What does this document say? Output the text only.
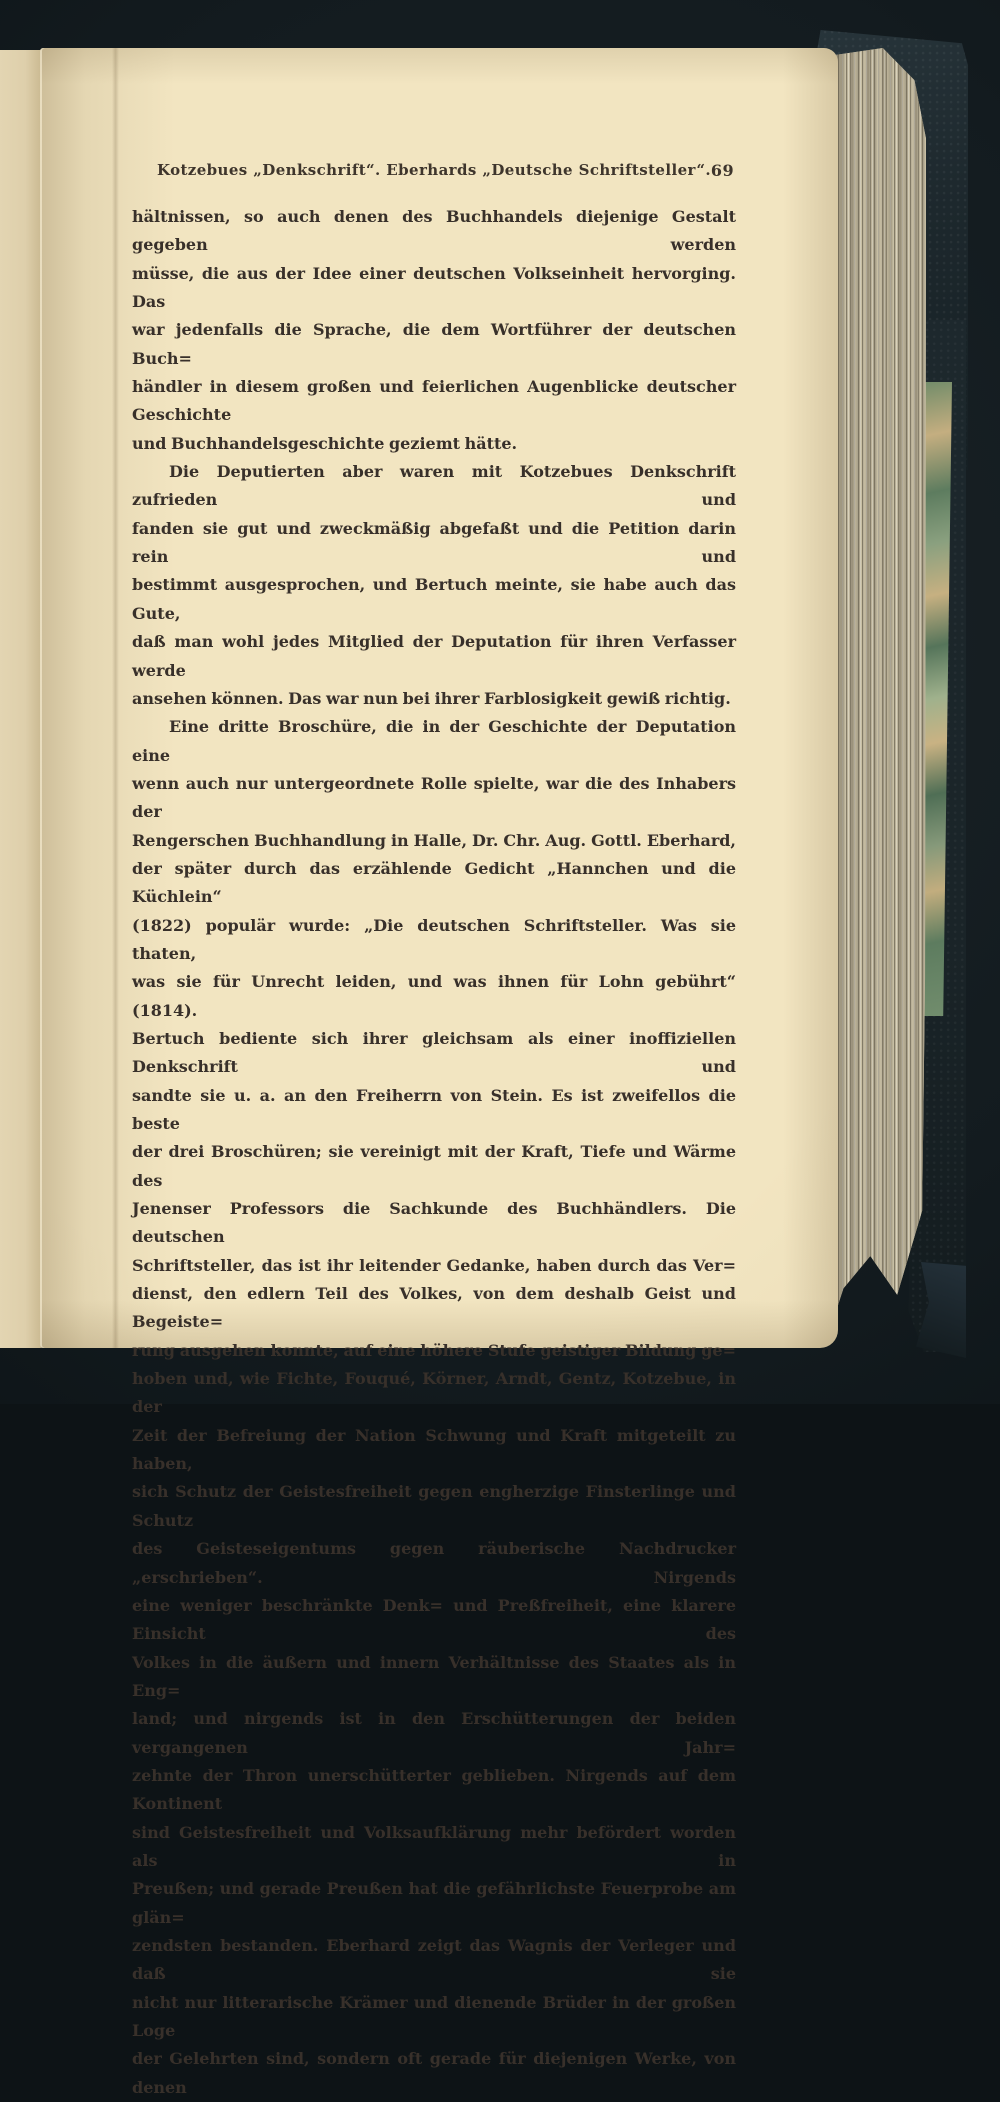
Kotzebues „Denkschrift“. Eberhards „Deutsche Schriftsteller“. 69
hältnissen, so auch denen des Buchhandels diejenige Gestalt gegeben werden
müsse, die aus der Idee einer deutschen Volkseinheit hervorging. Das
war jedenfalls die Sprache, die dem Wortführer der deutschen Buch=
händler in diesem großen und feierlichen Augenblicke deutscher Geschichte
und Buchhandelsgeschichte geziemt hätte.
Die Deputierten aber waren mit Kotzebues Denkschrift zufrieden und
fanden sie gut und zweckmäßig abgefaßt und die Petition darin rein und
bestimmt ausgesprochen, und Bertuch meinte, sie habe auch das Gute,
daß man wohl jedes Mitglied der Deputation für ihren Verfasser werde
ansehen können. Das war nun bei ihrer Farblosigkeit gewiß richtig.
Eine dritte Broschüre, die in der Geschichte der Deputation eine
wenn auch nur untergeordnete Rolle spielte, war die des Inhabers der
Rengerschen Buchhandlung in Halle, Dr. Chr. Aug. Gottl. Eberhard,
der später durch das erzählende Gedicht „Hannchen und die Küchlein“
(1822) populär wurde: „Die deutschen Schriftsteller. Was sie thaten,
was sie für Unrecht leiden, und was ihnen für Lohn gebührt“ (1814).
Bertuch bediente sich ihrer gleichsam als einer inoffiziellen Denkschrift und
sandte sie u. a. an den Freiherrn von Stein. Es ist zweifellos die beste
der drei Broschüren; sie vereinigt mit der Kraft, Tiefe und Wärme des
Jenenser Professors die Sachkunde des Buchhändlers. Die deutschen
Schriftsteller, das ist ihr leitender Gedanke, haben durch das Ver=
dienst, den edlern Teil des Volkes, von dem deshalb Geist und Begeiste=
rung ausgehen konnte, auf eine höhere Stufe geistiger Bildung ge=
hoben und, wie Fichte, Fouqué, Körner, Arndt, Gentz, Kotzebue, in der
Zeit der Befreiung der Nation Schwung und Kraft mitgeteilt zu haben,
sich Schutz der Geistesfreiheit gegen engherzige Finsterlinge und Schutz
des Geisteseigentums gegen räuberische Nachdrucker „erschrieben“. Nirgends
eine weniger beschränkte Denk= und Preßfreiheit, eine klarere Einsicht des
Volkes in die äußern und innern Verhältnisse des Staates als in Eng=
land; und nirgends ist in den Erschütterungen der beiden vergangenen Jahr=
zehnte der Thron unerschütterter geblieben. Nirgends auf dem Kontinent
sind Geistesfreiheit und Volksaufklärung mehr befördert worden als in
Preußen; und gerade Preußen hat die gefährlichste Feuerprobe am glän=
zendsten bestanden. Eberhard zeigt das Wagnis der Verleger und daß sie
nicht nur litterarische Krämer und dienende Brüder in der großen Loge
der Gelehrten sind, sondern oft gerade für diejenigen Werke, von denen
